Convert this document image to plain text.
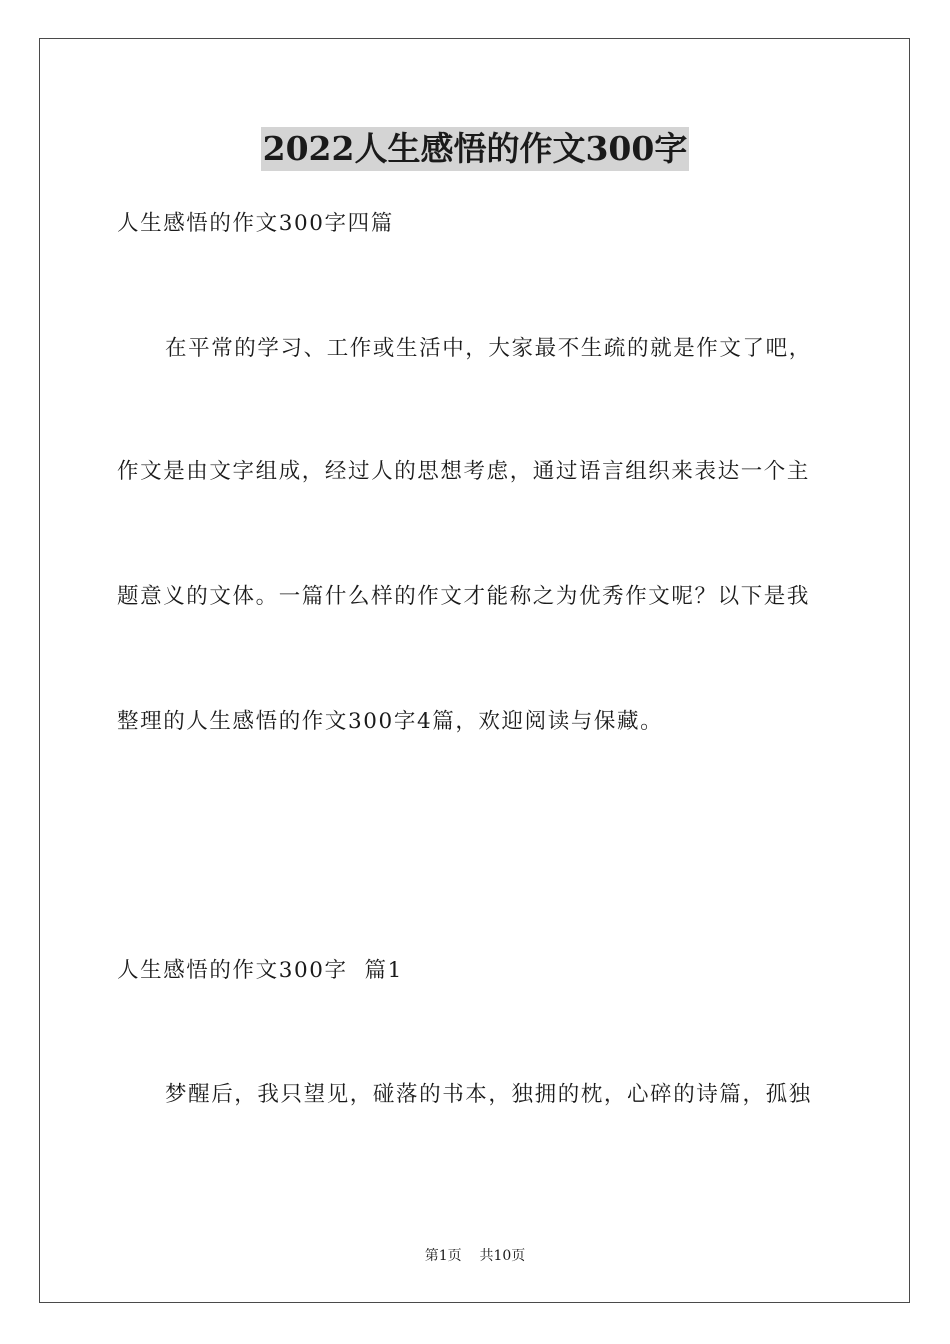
2022人生感悟的作文300字
人生感悟的作文300字四篇
在平常的学习、工作或生活中，大家最不生疏的就是作文了吧，
作文是由文字组成，经过人的思想考虑，通过语言组织来表达一个主
题意义的文体。一篇什么样的作文才能称之为优秀作文呢？以下是我
整理的人生感悟的作文300字4篇，欢迎阅读与保藏。
人生感悟的作文300字  篇1
梦醒后，我只望见，碰落的书本，独拥的枕，心碎的诗篇，孤独
第1页    共10页
